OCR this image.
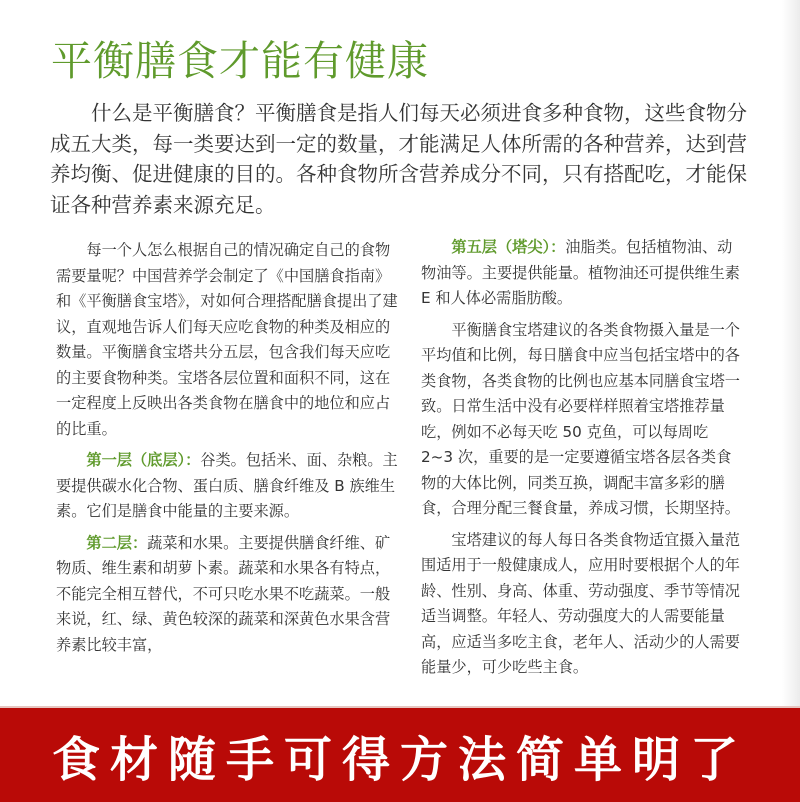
平衡膳食才能有健康

什么是平衡膳食？平衡膳食是指人们每天必须进食多种食物，这些食物分成五大类，每一类要达到一定的数量，才能满足人体所需的各种营养，达到营养均衡、促进健康的目的。各种食物所含营养成分不同，只有搭配吃，才能保证各种营养素来源充足。

每一个人怎么根据自己的情况确定自己的食物需要量呢？中国营养学会制定了《中国膳食指南》和《平衡膳食宝塔》，对如何合理搭配膳食提出了建议，直观地告诉人们每天应吃食物的种类及相应的数量。平衡膳食宝塔共分五层，包含我们每天应吃的主要食物种类。宝塔各层位置和面积不同，这在一定程度上反映出各类食物在膳食中的地位和应占的比重。

第一层（底层）：谷类。包括米、面、杂粮。主要提供碳水化合物、蛋白质、膳食纤维及 B 族维生素。它们是膳食中能量的主要来源。

第二层：蔬菜和水果。主要提供膳食纤维、矿物质、维生素和胡萝卜素。蔬菜和水果各有特点，不能完全相互替代，不可只吃水果不吃蔬菜。一般来说，红、绿、黄色较深的蔬菜和深黄色水果含营养素比较丰富，

第五层（塔尖）：油脂类。包括植物油、动物油等。主要提供能量。植物油还可提供维生素 E 和人体必需脂肪酸。

平衡膳食宝塔建议的各类食物摄入量是一个平均值和比例，每日膳食中应当包括宝塔中的各类食物，各类食物的比例也应基本同膳食宝塔一致。日常生活中没有必要样样照着宝塔推荐量吃，例如不必每天吃 50 克鱼，可以每周吃 2~3 次，重要的是一定要遵循宝塔各层各类食物的大体比例，同类互换，调配丰富多彩的膳食，合理分配三餐食量，养成习惯，长期坚持。

宝塔建议的每人每日各类食物适宜摄入量范围适用于一般健康成人，应用时要根据个人的年龄、性别、身高、体重、劳动强度、季节等情况适当调整。年轻人、劳动强度大的人需要能量高，应适当多吃主食，老年人、活动少的人需要能量少，可少吃些主食。

食材随手可得方法简单明了
